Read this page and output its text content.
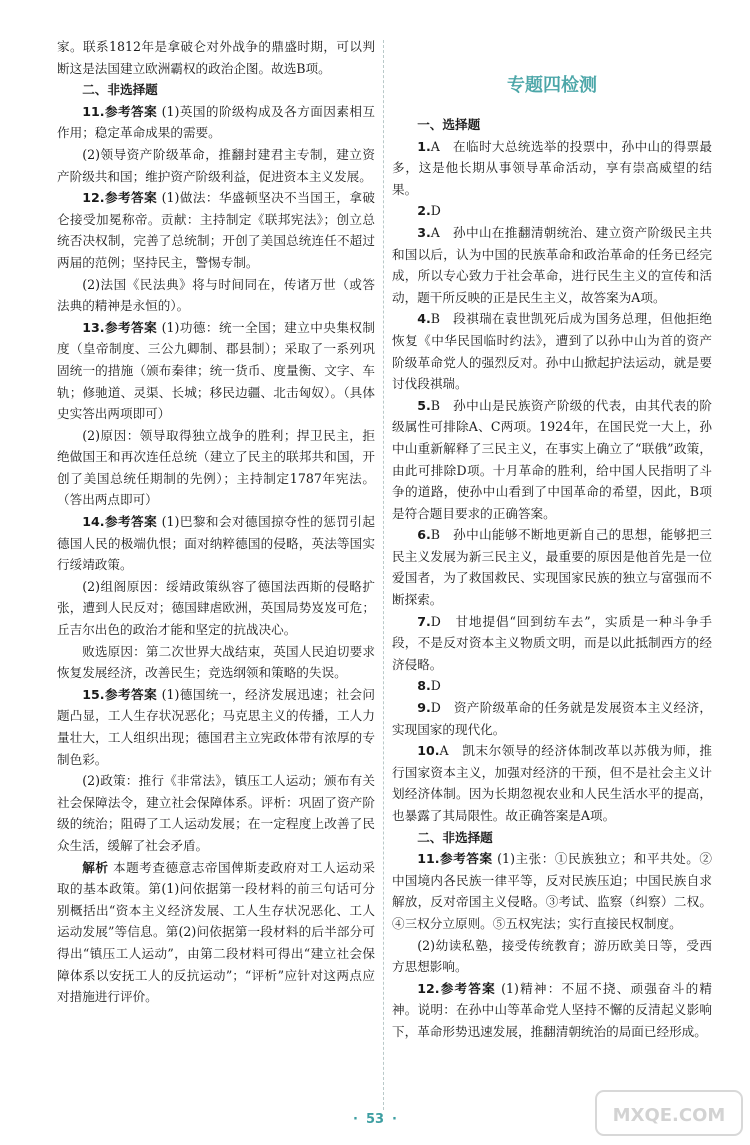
家。联系1812年是拿破仑对外战争的鼎盛时期，可以判断这是法国建立欧洲霸权的政治企图。故选B项。

二、非选择题

11.参考答案 (1)英国的阶级构成及各方面因素相互作用；稳定革命成果的需要。

(2)领导资产阶级革命，推翻封建君主专制，建立资产阶级共和国；维护资产阶级利益，促进资本主义发展。

12.参考答案 (1)做法：华盛顿坚决不当国王，拿破仑接受加冕称帝。贡献：主持制定《联邦宪法》；创立总统否决权制，完善了总统制；开创了美国总统连任不超过两届的范例；坚持民主，警惕专制。

(2)法国《民法典》将与时间同在，传诸万世（或答法典的精神是永恒的）。

13.参考答案 (1)功德：统一全国；建立中央集权制度（皇帝制度、三公九卿制、郡县制）；采取了一系列巩固统一的措施（颁布秦律；统一货币、度量衡、文字、车轨；修驰道、灵渠、长城；移民边疆、北击匈奴）。（具体史实答出两项即可）

(2)原因：领导取得独立战争的胜利；捍卫民主，拒绝做国王和再次连任总统（建立了民主的联邦共和国，开创了美国总统任期制的先例）；主持制定1787年宪法。（答出两点即可）

14.参考答案 (1)巴黎和会对德国掠夺性的惩罚引起德国人民的极端仇恨；面对纳粹德国的侵略，英法等国实行绥靖政策。

(2)组阁原因：绥靖政策纵容了德国法西斯的侵略扩张，遭到人民反对；德国肆虐欧洲，英国局势岌岌可危；丘吉尔出色的政治才能和坚定的抗战决心。

败选原因：第二次世界大战结束，英国人民迫切要求恢复发展经济，改善民生；竞选纲领和策略的失误。

15.参考答案 (1)德国统一，经济发展迅速；社会问题凸显，工人生存状况恶化；马克思主义的传播，工人力量壮大，工人组织出现；德国君主立宪政体带有浓厚的专制色彩。

(2)政策：推行《非常法》，镇压工人运动；颁布有关社会保障法令，建立社会保障体系。评析：巩固了资产阶级的统治；阻碍了工人运动发展；在一定程度上改善了民众生活，缓解了社会矛盾。

解析 本题考查德意志帝国俾斯麦政府对工人运动采取的基本政策。第(1)问依据第一段材料的前三句话可分别概括出“资本主义经济发展、工人生存状况恶化、工人运动发展”等信息。第(2)问依据第一段材料的后半部分可得出“镇压工人运动”，由第二段材料可得出“建立社会保障体系以安抚工人的反抗运动”；“评析”应针对这两点应对措施进行评价。

专题四检测
一、选择题

1.A 在临时大总统选举的投票中，孙中山的得票最多，这是他长期从事领导革命活动，享有崇高威望的结果。

2.D

3.A 孙中山在推翻清朝统治、建立资产阶级民主共和国以后，认为中国的民族革命和政治革命的任务已经完成，所以专心致力于社会革命，进行民生主义的宣传和活动，题干所反映的正是民生主义，故答案为A项。

4.B 段祺瑞在袁世凯死后成为国务总理，但他拒绝恢复《中华民国临时约法》，遭到了以孙中山为首的资产阶级革命党人的强烈反对。孙中山掀起护法运动，就是要讨伐段祺瑞。

5.B 孙中山是民族资产阶级的代表，由其代表的阶级属性可排除A、C两项。1924年，在国民党一大上，孙中山重新解释了三民主义，在事实上确立了“联俄”政策，由此可排除D项。十月革命的胜利，给中国人民指明了斗争的道路，使孙中山看到了中国革命的希望，因此，B项是符合题目要求的正确答案。

6.B 孙中山能够不断地更新自己的思想，能够把三民主义发展为新三民主义，最重要的原因是他首先是一位爱国者，为了救国救民、实现国家民族的独立与富强而不断探索。

7.D 甘地提倡“回到纺车去”，实质是一种斗争手段，不是反对资本主义物质文明，而是以此抵制西方的经济侵略。

8.D

9.D 资产阶级革命的任务就是发展资本主义经济，实现国家的现代化。

10.A 凯末尔领导的经济体制改革以苏俄为师，推行国家资本主义，加强对经济的干预，但不是社会主义计划经济体制。因为长期忽视农业和人民生活水平的提高，也暴露了其局限性。故正确答案是A项。

二、非选择题

11.参考答案 (1)主张：①民族独立；和平共处。②中国境内各民族一律平等，反对民族压迫；中国民族自求解放，反对帝国主义侵略。③考试、监察（纠察）二权。④三权分立原则。⑤五权宪法；实行直接民权制度。

(2)幼读私塾，接受传统教育；游历欧美日等，受西方思想影响。

12.参考答案 (1)精神：不屈不挠、顽强奋斗的精神。说明：在孙中山等革命党人坚持不懈的反清起义影响下，革命形势迅速发展，推翻清朝统治的局面已经形成。

· 53 ·	MXQE.COM
